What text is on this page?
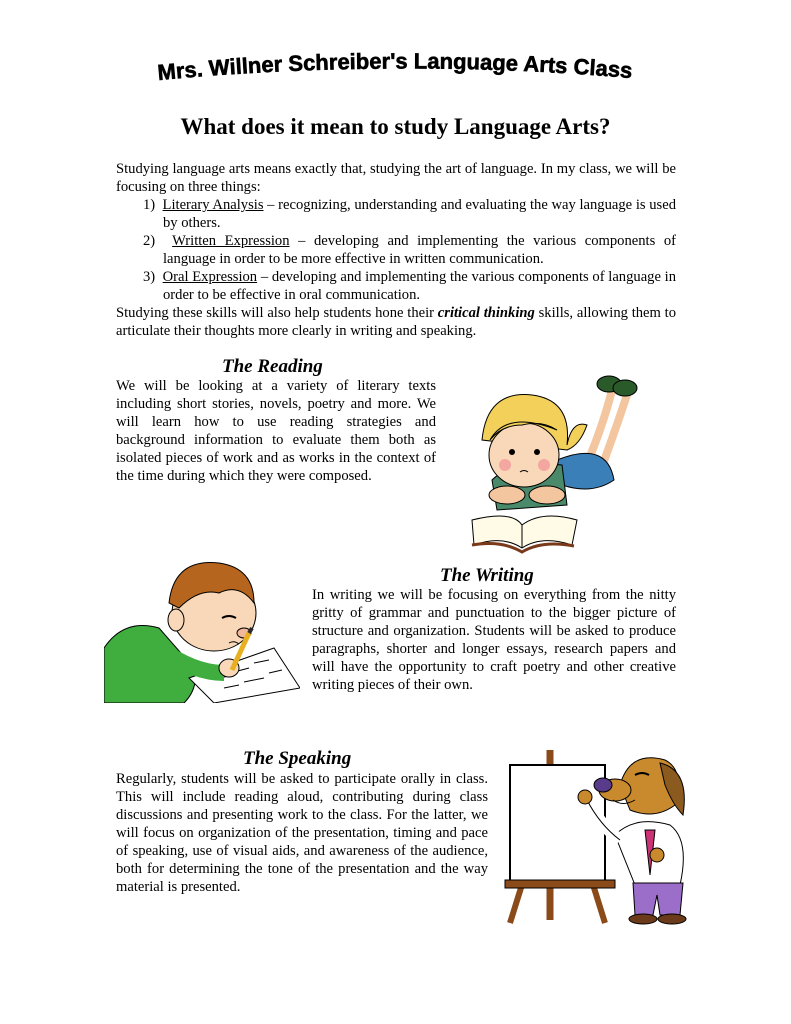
Mrs. Willner Schreiber's Language Arts Class
What does it mean to study Language Arts?

Studying language arts means exactly that, studying the art of language. In my class, we will be focusing on three things:

1) Literary Analysis – recognizing, understanding and evaluating the way language is used by others.
2) Written Expression – developing and implementing the various components of language in order to be more effective in written communication.
3) Oral Expression – developing and implementing the various components of language in order to be effective in oral communication.

Studying these skills will also help students hone their critical thinking skills, allowing them to articulate their thoughts more clearly in writing and speaking.

The Reading

We will be looking at a variety of literary texts including short stories, novels, poetry and more. We will learn how to use reading strategies and background information to evaluate them both as isolated pieces of work and as works in the context of the time during which they were composed.

The Writing

In writing we will be focusing on everything from the nitty gritty of grammar and punctuation to the bigger picture of structure and organization. Students will be asked to produce paragraphs, shorter and longer essays, research papers and will have the opportunity to craft poetry and other creative writing pieces of their own.

The Speaking

Regularly, students will be asked to participate orally in class. This will include reading aloud, contributing during class discussions and presenting work to the class. For the latter, we will focus on organization of the presentation, timing and pace of speaking, use of visual aids, and awareness of the audience, both for determining the tone of the presentation and the way material is presented.
